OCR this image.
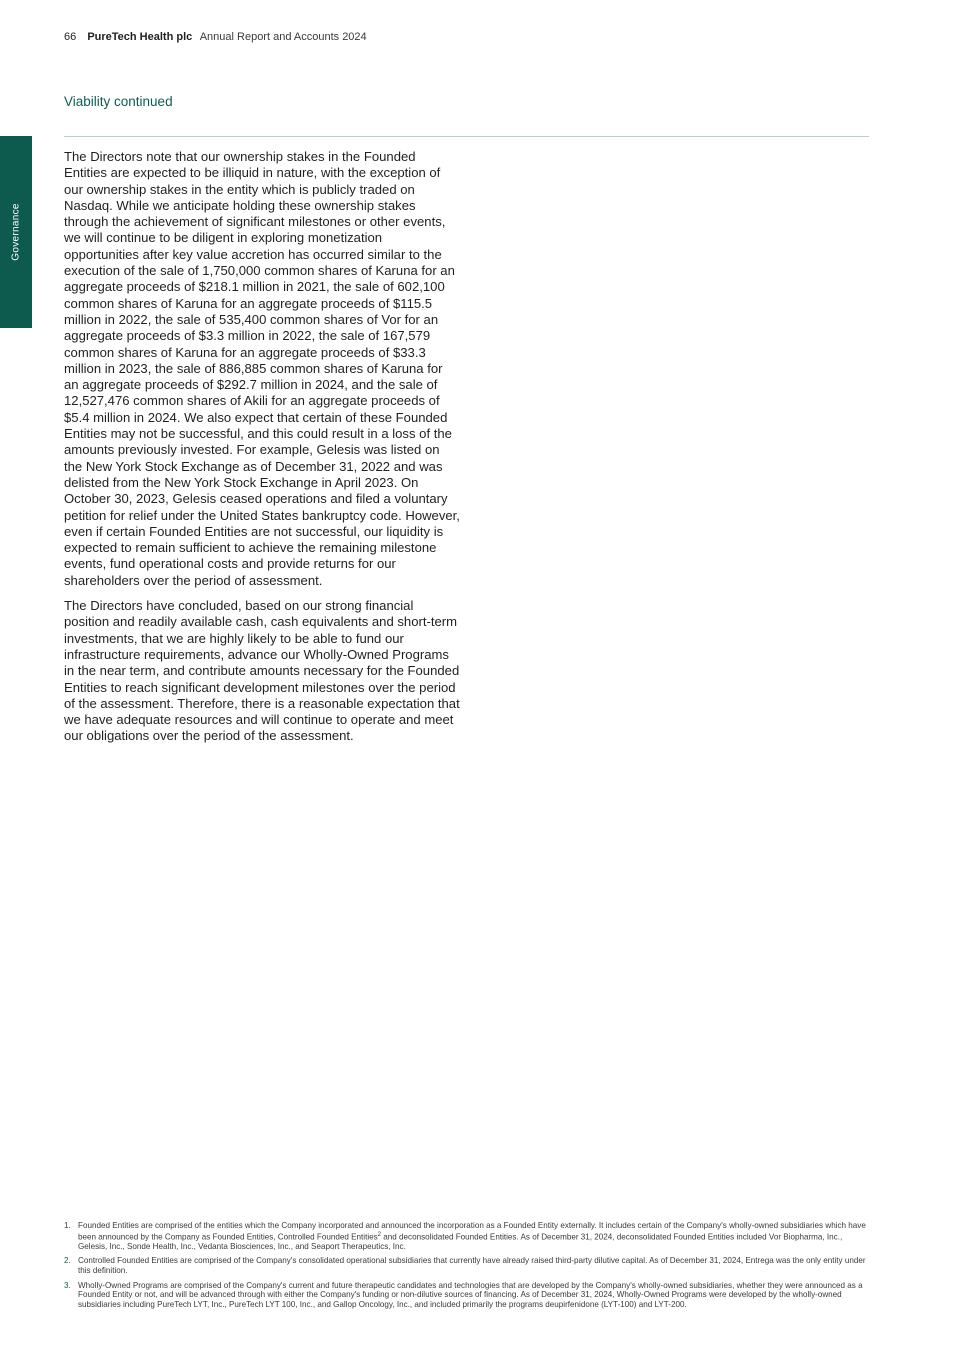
66 PureTech Health plc Annual Report and Accounts 2024
Viability continued
Governance

The Directors note that our ownership stakes in the Founded Entities are expected to be illiquid in nature, with the exception of our ownership stakes in the entity which is publicly traded on Nasdaq. While we anticipate holding these ownership stakes through the achievement of significant milestones or other events, we will continue to be diligent in exploring monetization opportunities after key value accretion has occurred similar to the execution of the sale of 1,750,000 common shares of Karuna for an aggregate proceeds of $218.1 million in 2021, the sale of 602,100 common shares of Karuna for an aggregate proceeds of $115.5 million in 2022, the sale of 535,400 common shares of Vor for an aggregate proceeds of $3.3 million in 2022, the sale of 167,579 common shares of Karuna for an aggregate proceeds of $33.3 million in 2023, the sale of 886,885 common shares of Karuna for an aggregate proceeds of $292.7 million in 2024, and the sale of 12,527,476 common shares of Akili for an aggregate proceeds of $5.4 million in 2024. We also expect that certain of these Founded Entities may not be successful, and this could result in a loss of the amounts previously invested. For example, Gelesis was listed on the New York Stock Exchange as of December 31, 2022 and was delisted from the New York Stock Exchange in April 2023. On October 30, 2023, Gelesis ceased operations and filed a voluntary petition for relief under the United States bankruptcy code. However, even if certain Founded Entities are not successful, our liquidity is expected to remain sufficient to achieve the remaining milestone events, fund operational costs and provide returns for our shareholders over the period of assessment.

The Directors have concluded, based on our strong financial position and readily available cash, cash equivalents and short-term investments, that we are highly likely to be able to fund our infrastructure requirements, advance our Wholly-Owned Programs in the near term, and contribute amounts necessary for the Founded Entities to reach significant development milestones over the period of the assessment. Therefore, there is a reasonable expectation that we have adequate resources and will continue to operate and meet our obligations over the period of the assessment.

1. Founded Entities are comprised of the entities which the Company incorporated and announced the incorporation as a Founded Entity externally. It includes certain of the Company's wholly-owned subsidiaries which have been announced by the Company as Founded Entities, Controlled Founded Entities$^2$ and deconsolidated Founded Entities. As of December 31, 2024, deconsolidated Founded Entities included Vor Biopharma, Inc., Gelesis, Inc., Sonde Health, Inc., Vedanta Biosciences, Inc., and Seaport Therapeutics, Inc.
2. Controlled Founded Entities are comprised of the Company's consolidated operational subsidiaries that currently have already raised third-party dilutive capital. As of December 31, 2024, Entrega was the only entity under this definition.
3. Wholly-Owned Programs are comprised of the Company's current and future therapeutic candidates and technologies that are developed by the Company's wholly-owned subsidiaries, whether they were announced as a Founded Entity or not, and will be advanced through with either the Company's funding or non-dilutive sources of financing. As of December 31, 2024, Wholly-Owned Programs were developed by the wholly-owned subsidiaries including PureTech LYT, Inc., PureTech LYT 100, Inc., and Gallop Oncology, Inc., and included primarily the programs deupirfenidone (LYT-100) and LYT-200.
